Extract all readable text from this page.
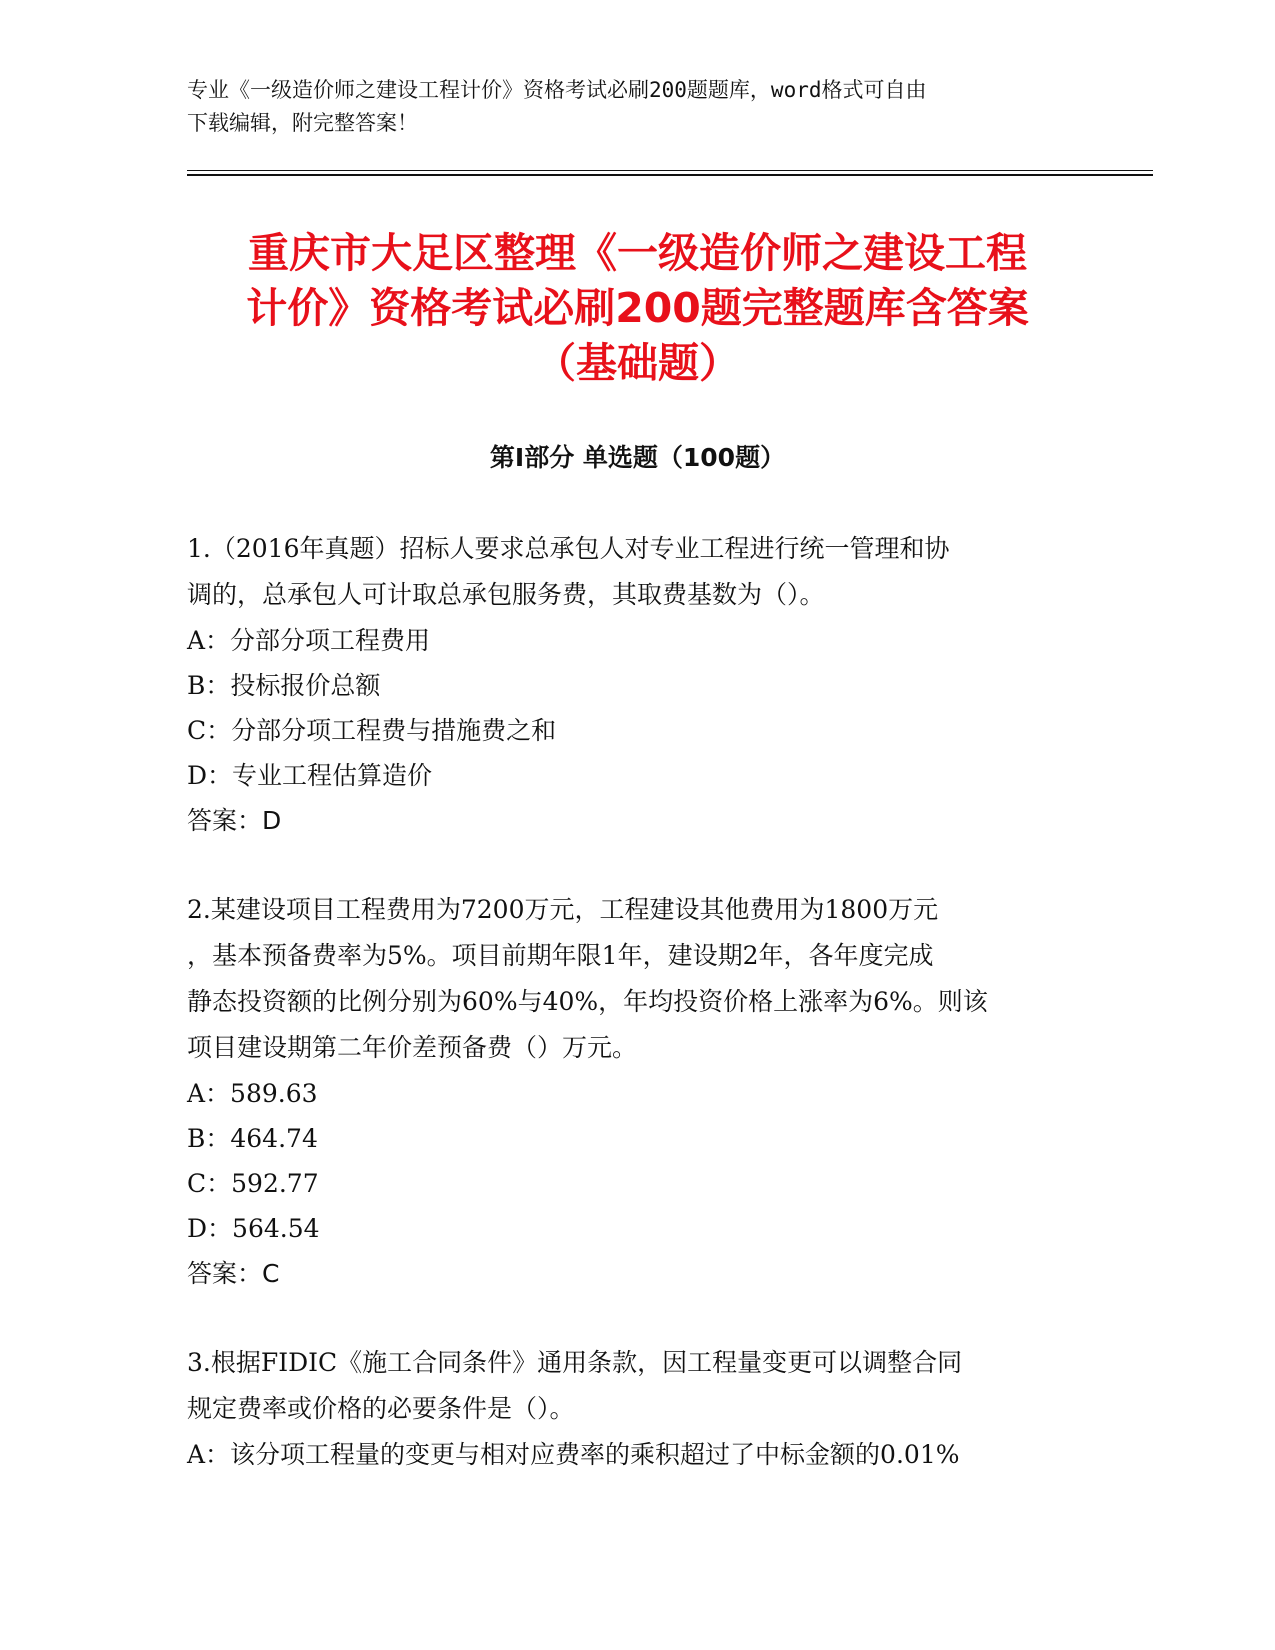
专业《一级造价师之建设工程计价》资格考试必刷200题题库，word格式可自由
下载编辑，附完整答案！
重庆市大足区整理《一级造价师之建设工程
计价》资格考试必刷200题完整题库含答案
（基础题）
第Ⅰ部分 单选题（100题）
1.（2016年真题）招标人要求总承包人对专业工程进行统一管理和协
调的，总承包人可计取总承包服务费，其取费基数为（）。
A：分部分项工程费用
B：投标报价总额
C：分部分项工程费与措施费之和
D：专业工程估算造价
答案：D
2.某建设项目工程费用为7200万元，工程建设其他费用为1800万元
，基本预备费率为5%。项目前期年限1年，建设期2年，各年度完成
静态投资额的比例分别为60%与40%，年均投资价格上涨率为6%。则该
项目建设期第二年价差预备费（）万元。
A：589.63
B：464.74
C：592.77
D：564.54
答案：C
3.根据FIDIC《施工合同条件》通用条款，因工程量变更可以调整合同
规定费率或价格的必要条件是（）。
A：该分项工程量的变更与相对应费率的乘积超过了中标金额的0.01%
